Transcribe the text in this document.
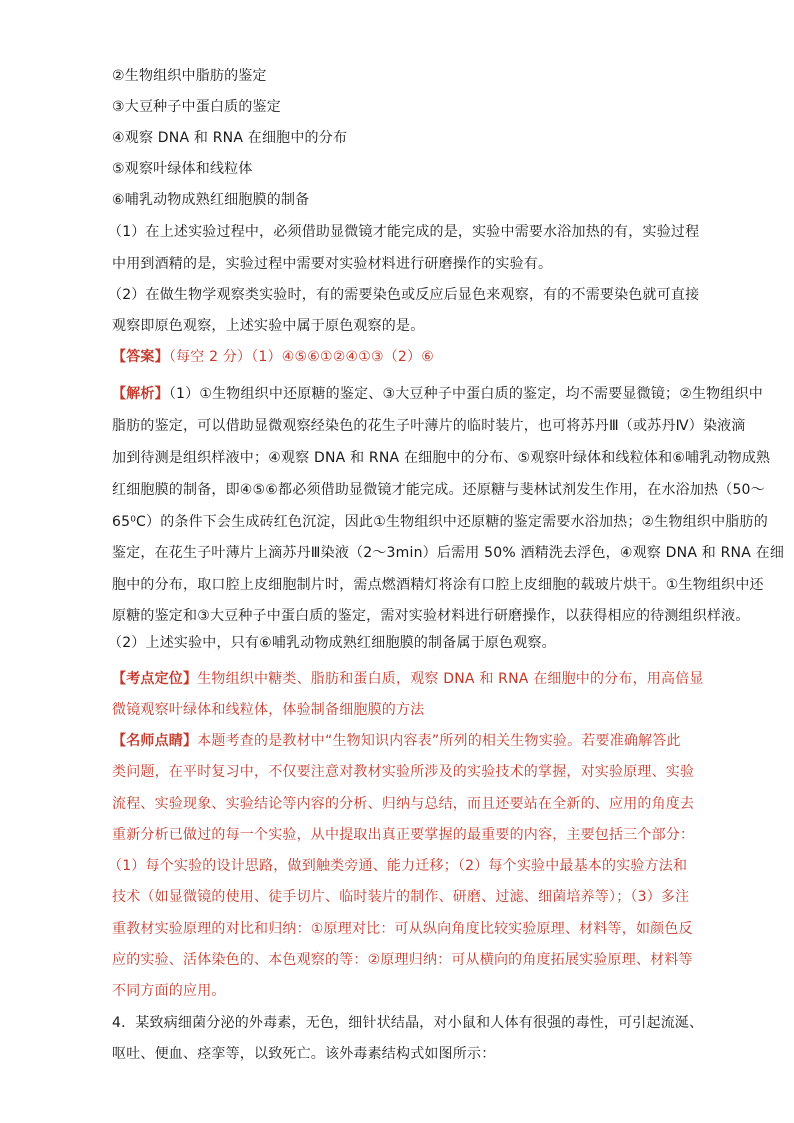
②生物组织中脂肪的鉴定
③大豆种子中蛋白质的鉴定
④观察 DNA 和 RNA 在细胞中的分布
⑤观察叶绿体和线粒体
⑥哺乳动物成熟红细胞膜的制备
（1）在上述实验过程中，必须借助显微镜才能完成的是，实验中需要水浴加热的有，实验过程
中用到酒精的是，实验过程中需要对实验材料进行研磨操作的实验有。
（2）在做生物学观察类实验时，有的需要染色或反应后显色来观察，有的不需要染色就可直接
观察即原色观察，上述实验中属于原色观察的是。
【答案】（每空 2 分）（1）④⑤⑥①②④①③（2）⑥
【解析】（1）①生物组织中还原糖的鉴定、③大豆种子中蛋白质的鉴定，均不需要显微镜；②生物组织中
脂肪的鉴定，可以借助显微观察经染色的花生子叶薄片的临时装片，也可将苏丹Ⅲ（或苏丹Ⅳ）染液滴
加到待测是组织样液中；④观察 DNA 和 RNA 在细胞中的分布、⑤观察叶绿体和线粒体和⑥哺乳动物成熟
红细胞膜的制备，即④⑤⑥都必须借助显微镜才能完成。还原糖与斐林试剂发生作用，在水浴加热（50～
65⁰C）的条件下会生成砖红色沉淀，因此①生物组织中还原糖的鉴定需要水浴加热；②生物组织中脂肪的
鉴定，在花生子叶薄片上滴苏丹Ⅲ染液（2～3min）后需用 50% 酒精洗去浮色，④观察 DNA 和 RNA 在细
胞中的分布，取口腔上皮细胞制片时，需点燃酒精灯将涂有口腔上皮细胞的载玻片烘干。①生物组织中还
原糖的鉴定和③大豆种子中蛋白质的鉴定，需对实验材料进行研磨操作，以获得相应的待测组织样液。
（2）上述实验中，只有⑥哺乳动物成熟红细胞膜的制备属于原色观察。
【考点定位】生物组织中糖类、脂肪和蛋白质，观察 DNA 和 RNA 在细胞中的分布，用高倍显
微镜观察叶绿体和线粒体，体验制备细胞膜的方法
【名师点睛】本题考查的是教材中“生物知识内容表”所列的相关生物实验。若要准确解答此
类问题，在平时复习中，不仅要注意对教材实验所涉及的实验技术的掌握，对实验原理、实验
流程、实验现象、实验结论等内容的分析、归纳与总结，而且还要站在全新的、应用的角度去
重新分析已做过的每一个实验，从中提取出真正要掌握的最重要的内容，主要包括三个部分：
（1）每个实验的设计思路，做到触类旁通、能力迁移；（2）每个实验中最基本的实验方法和
技术（如显微镜的使用、徒手切片、临时装片的制作、研磨、过滤、细菌培养等）；（3）多注
重教材实验原理的对比和归纳：①原理对比：可从纵向角度比较实验原理、材料等，如颜色反
应的实验、活体染色的、本色观察的等：②原理归纳：可从横向的角度拓展实验原理、材料等
不同方面的应用。
4．某致病细菌分泌的外毒素，无色，细针状结晶，对小鼠和人体有很强的毒性，可引起流涎、
呕吐、便血、痉挛等，以致死亡。该外毒素结构式如图所示：
